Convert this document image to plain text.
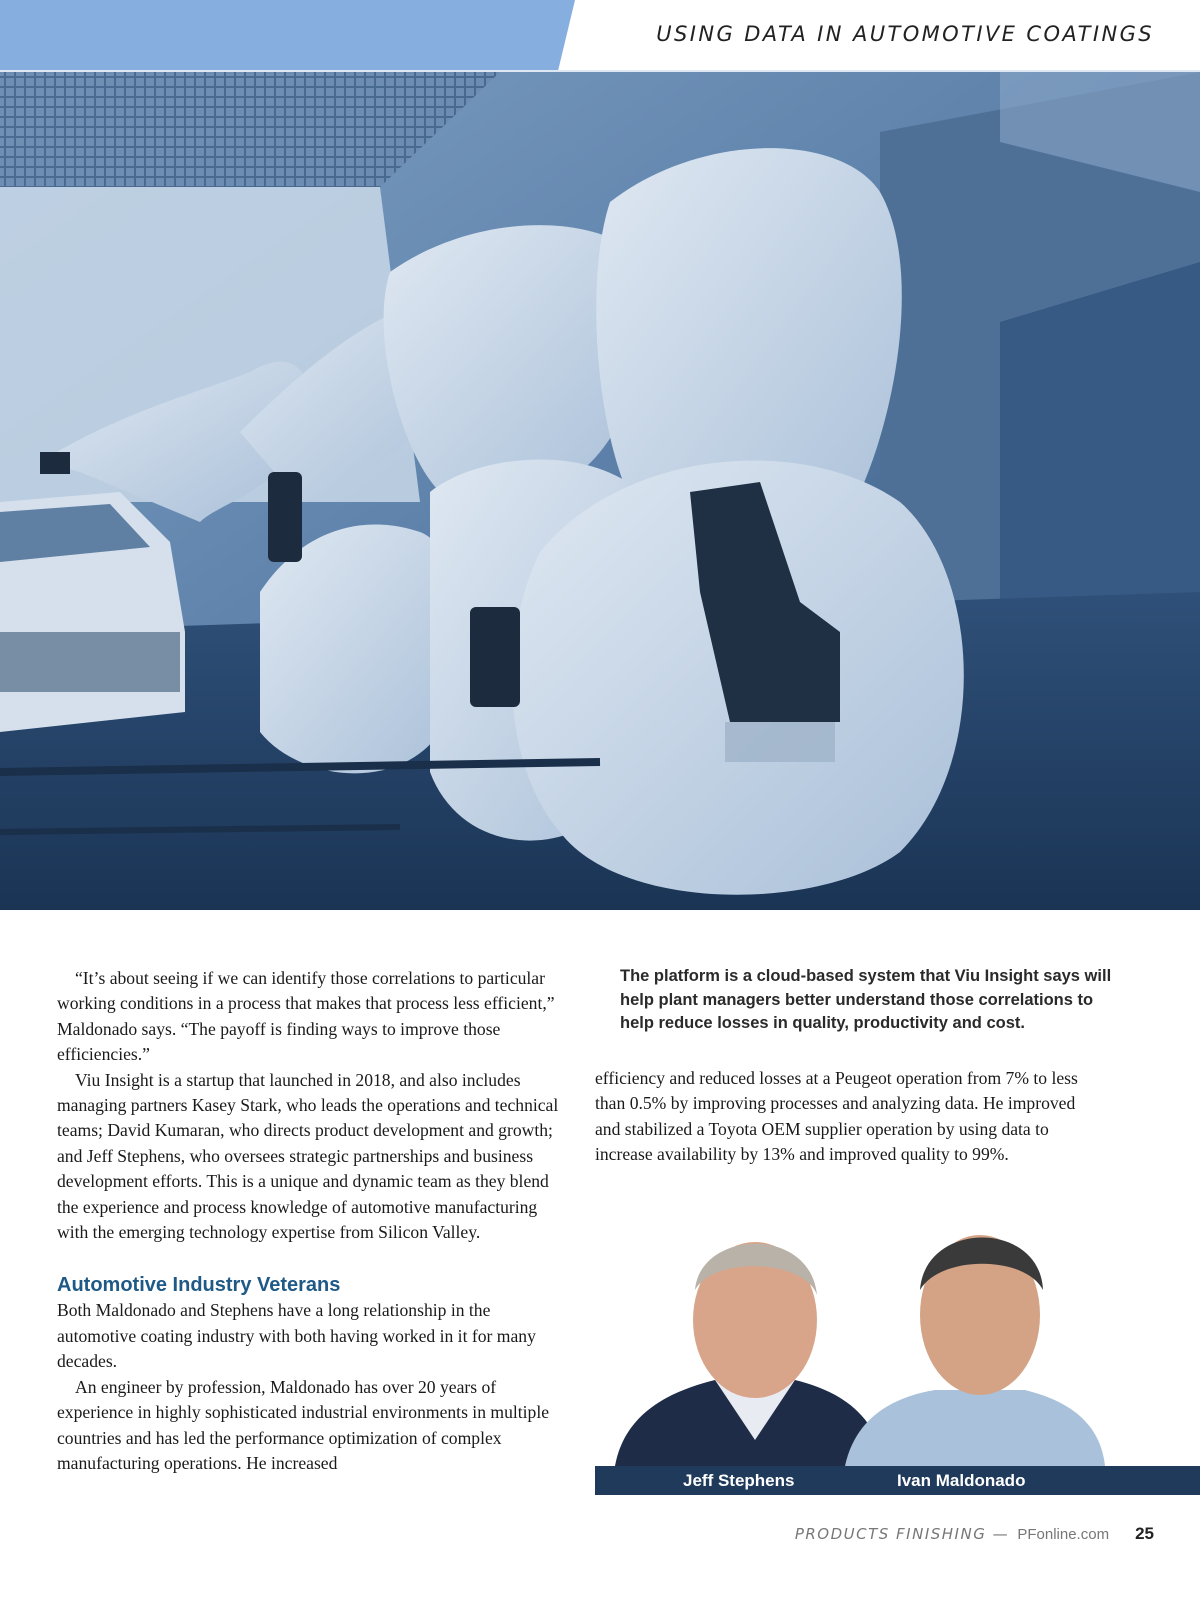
USING DATA IN AUTOMOTIVE COATINGS

“It’s about seeing if we can identify those correlations to particular working conditions in a process that makes that process less efficient,” Maldonado says. “The payoff is finding ways to improve those efficiencies.”

Viu Insight is a startup that launched in 2018, and also includes managing partners Kasey Stark, who leads the operations and technical teams; David Kumaran, who directs product development and growth; and Jeff Stephens, who oversees strategic partnerships and business development efforts. This is a unique and dynamic team as they blend the experience and process knowledge of automotive manufacturing with the emerging technology expertise from Silicon Valley.

Automotive Industry Veterans

Both Maldonado and Stephens have a long relationship in the automotive coating industry with both having worked in it for many decades.

An engineer by profession, Maldonado has over 20 years of experience in highly sophisticated industrial environments in multiple countries and has led the performance optimization of complex manufacturing operations. He increased

The platform is a cloud-based system that Viu Insight says will help plant managers better understand those correlations to help reduce losses in quality, productivity and cost.

efficiency and reduced losses at a Peugeot operation from 7% to less than 0.5% by improving processes and analyzing data. He improved and stabilized a Toyota OEM supplier operation by using data to increase availability by 13% and improved quality to 99%.

Jeff Stephens	Ivan Maldonado
PRODUCTS FINISHING — PFonline.com 25
